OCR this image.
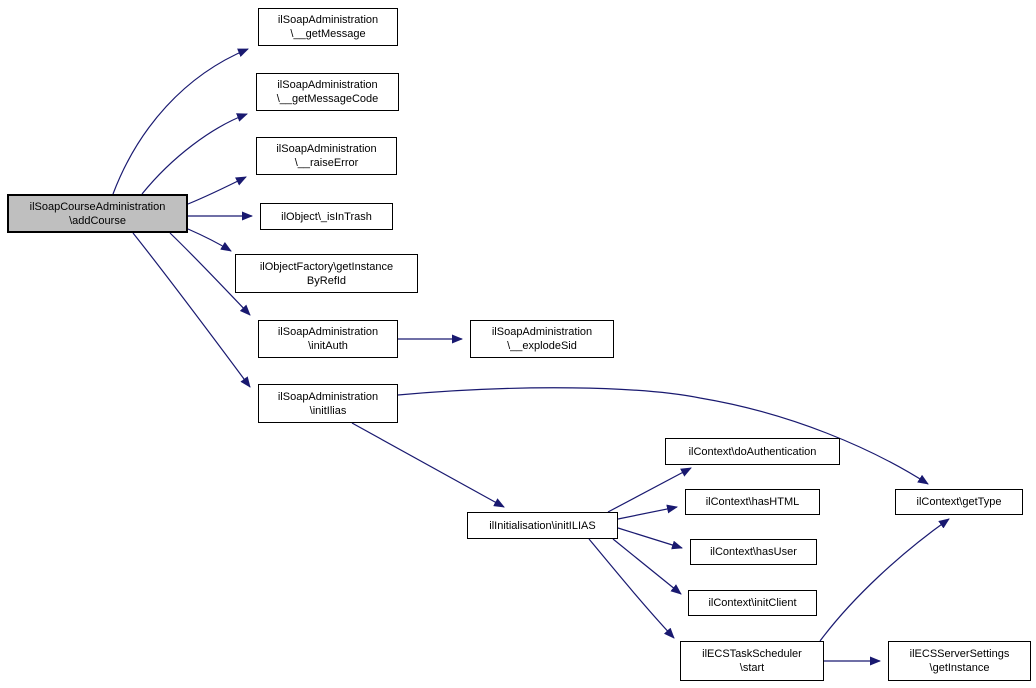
ilSoapCourseAdministration
\addCourse
ilSoapAdministration
\__getMessage
ilSoapAdministration
\__getMessageCode
ilSoapAdministration
\__raiseError
ilObject\_isInTrash
ilObjectFactory\getInstance
ByRefId
ilSoapAdministration
\initAuth
ilSoapAdministration
\__explodeSid
ilSoapAdministration
\initIlias
ilInitialisation\initILIAS
ilContext\doAuthentication
ilContext\hasHTML
ilContext\hasUser
ilContext\initClient
ilECSTaskScheduler
\start
ilECSServerSettings
\getInstance
ilContext\getType
